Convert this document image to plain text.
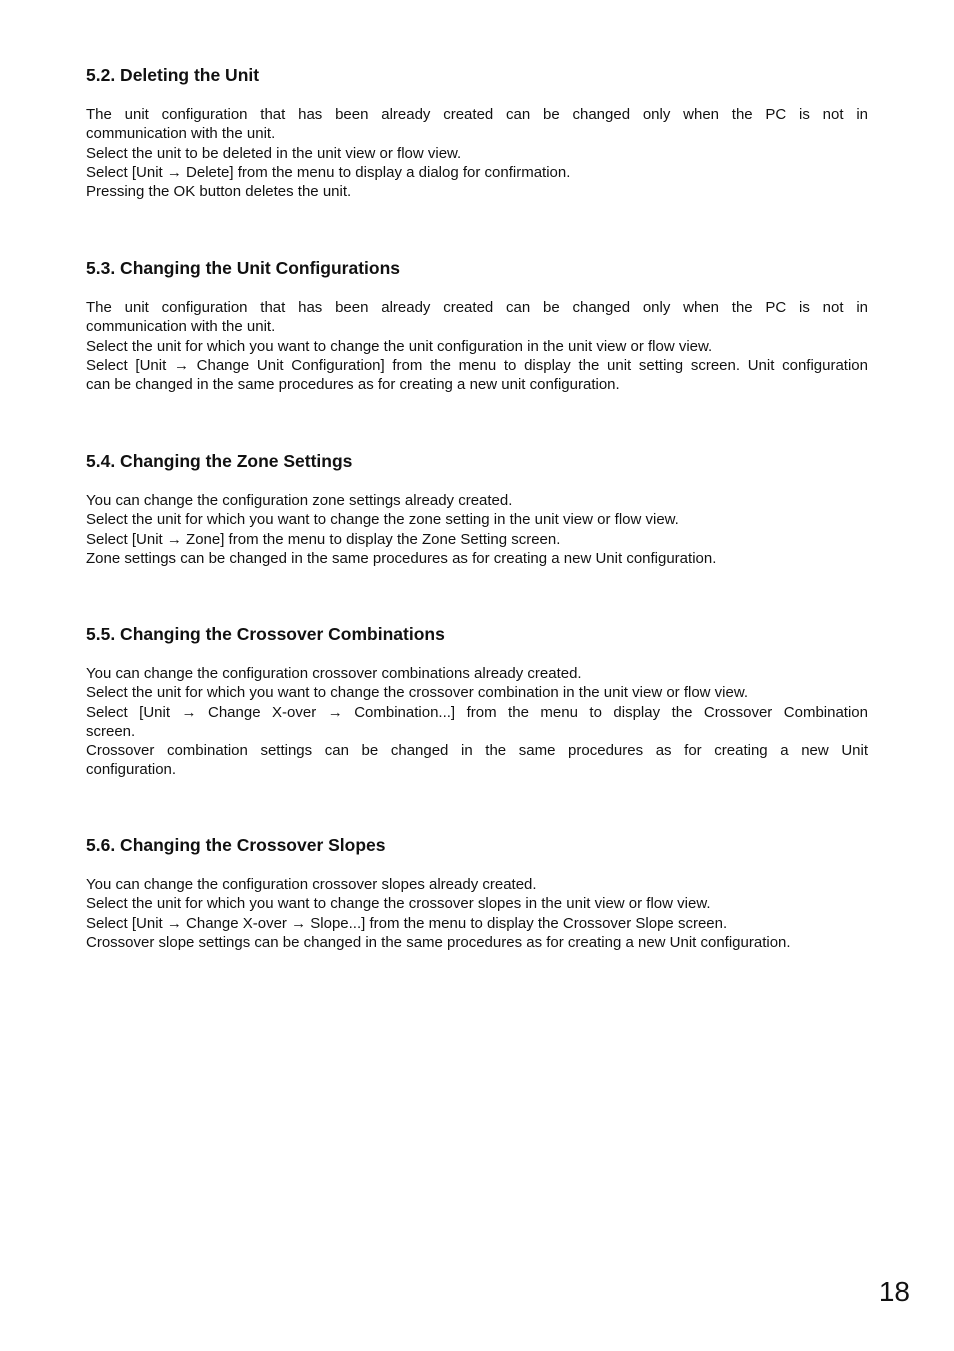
5.2. Deleting the Unit

The unit configuration that has been already created can be changed only when the PC is not in

communication with the unit.

Select the unit to be deleted in the unit view or flow view.

Select [Unit → Delete] from the menu to display a dialog for confirmation.

Pressing the OK button deletes the unit.

5.3. Changing the Unit Configurations

The unit configuration that has been already created can be changed only when the PC is not in

communication with the unit.

Select the unit for which you want to change the unit configuration in the unit view or flow view.

Select [Unit → Change Unit Configuration] from the menu to display the unit setting screen. Unit configuration

can be changed in the same procedures as for creating a new unit configuration.

5.4. Changing the Zone Settings

You can change the configuration zone settings already created.

Select the unit for which you want to change the zone setting in the unit view or flow view.

Select [Unit → Zone] from the menu to display the Zone Setting screen.

Zone settings can be changed in the same procedures as for creating a new Unit configuration.

5.5. Changing the Crossover Combinations

You can change the configuration crossover combinations already created.

Select the unit for which you want to change the crossover combination in the unit view or flow view.

Select [Unit → Change X-over → Combination...] from the menu to display the Crossover Combination

screen.

Crossover combination settings can be changed in the same procedures as for creating a new Unit

configuration.

5.6. Changing the Crossover Slopes

You can change the configuration crossover slopes already created.

Select the unit for which you want to change the crossover slopes in the unit view or flow view.

Select [Unit → Change X-over → Slope...] from the menu to display the Crossover Slope screen.

Crossover slope settings can be changed in the same procedures as for creating a new Unit configuration.

18
